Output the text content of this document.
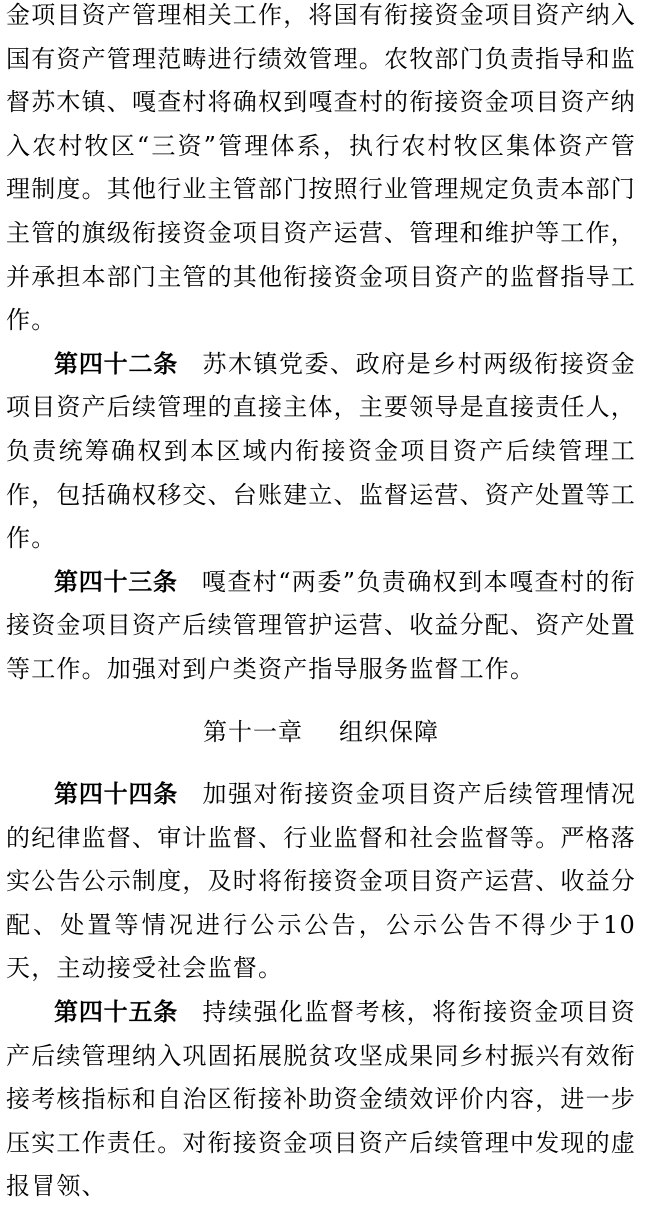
金项目资产管理相关工作，将国有衔接资金项目资产纳入国有资产管理范畴进行绩效管理。农牧部门负责指导和监督苏木镇、嘎查村将确权到嘎查村的衔接资金项目资产纳入农村牧区“三资”管理体系，执行农村牧区集体资产管理制度。其他行业主管部门按照行业管理规定负责本部门主管的旗级衔接资金项目资产运营、管理和维护等工作，并承担本部门主管的其他衔接资金项目资产的监督指导工作。

第四十二条 苏木镇党委、政府是乡村两级衔接资金项目资产后续管理的直接主体，主要领导是直接责任人，负责统筹确权到本区域内衔接资金项目资产后续管理工作，包括确权移交、台账建立、监督运营、资产处置等工作。

第四十三条 嘎查村“两委”负责确权到本嘎查村的衔接资金项目资产后续管理管护运营、收益分配、资产处置等工作。加强对到户类资产指导服务监督工作。

第十一章 组织保障

第四十四条 加强对衔接资金项目资产后续管理情况的纪律监督、审计监督、行业监督和社会监督等。严格落实公告公示制度，及时将衔接资金项目资产运营、收益分配、处置等情况进行公示公告，公示公告不得少于10天，主动接受社会监督。

第四十五条 持续强化监督考核，将衔接资金项目资产后续管理纳入巩固拓展脱贫攻坚成果同乡村振兴有效衔接考核指标和自治区衔接补助资金绩效评价内容，进一步压实工作责任。对衔接资金项目资产后续管理中发现的虚报冒领、
